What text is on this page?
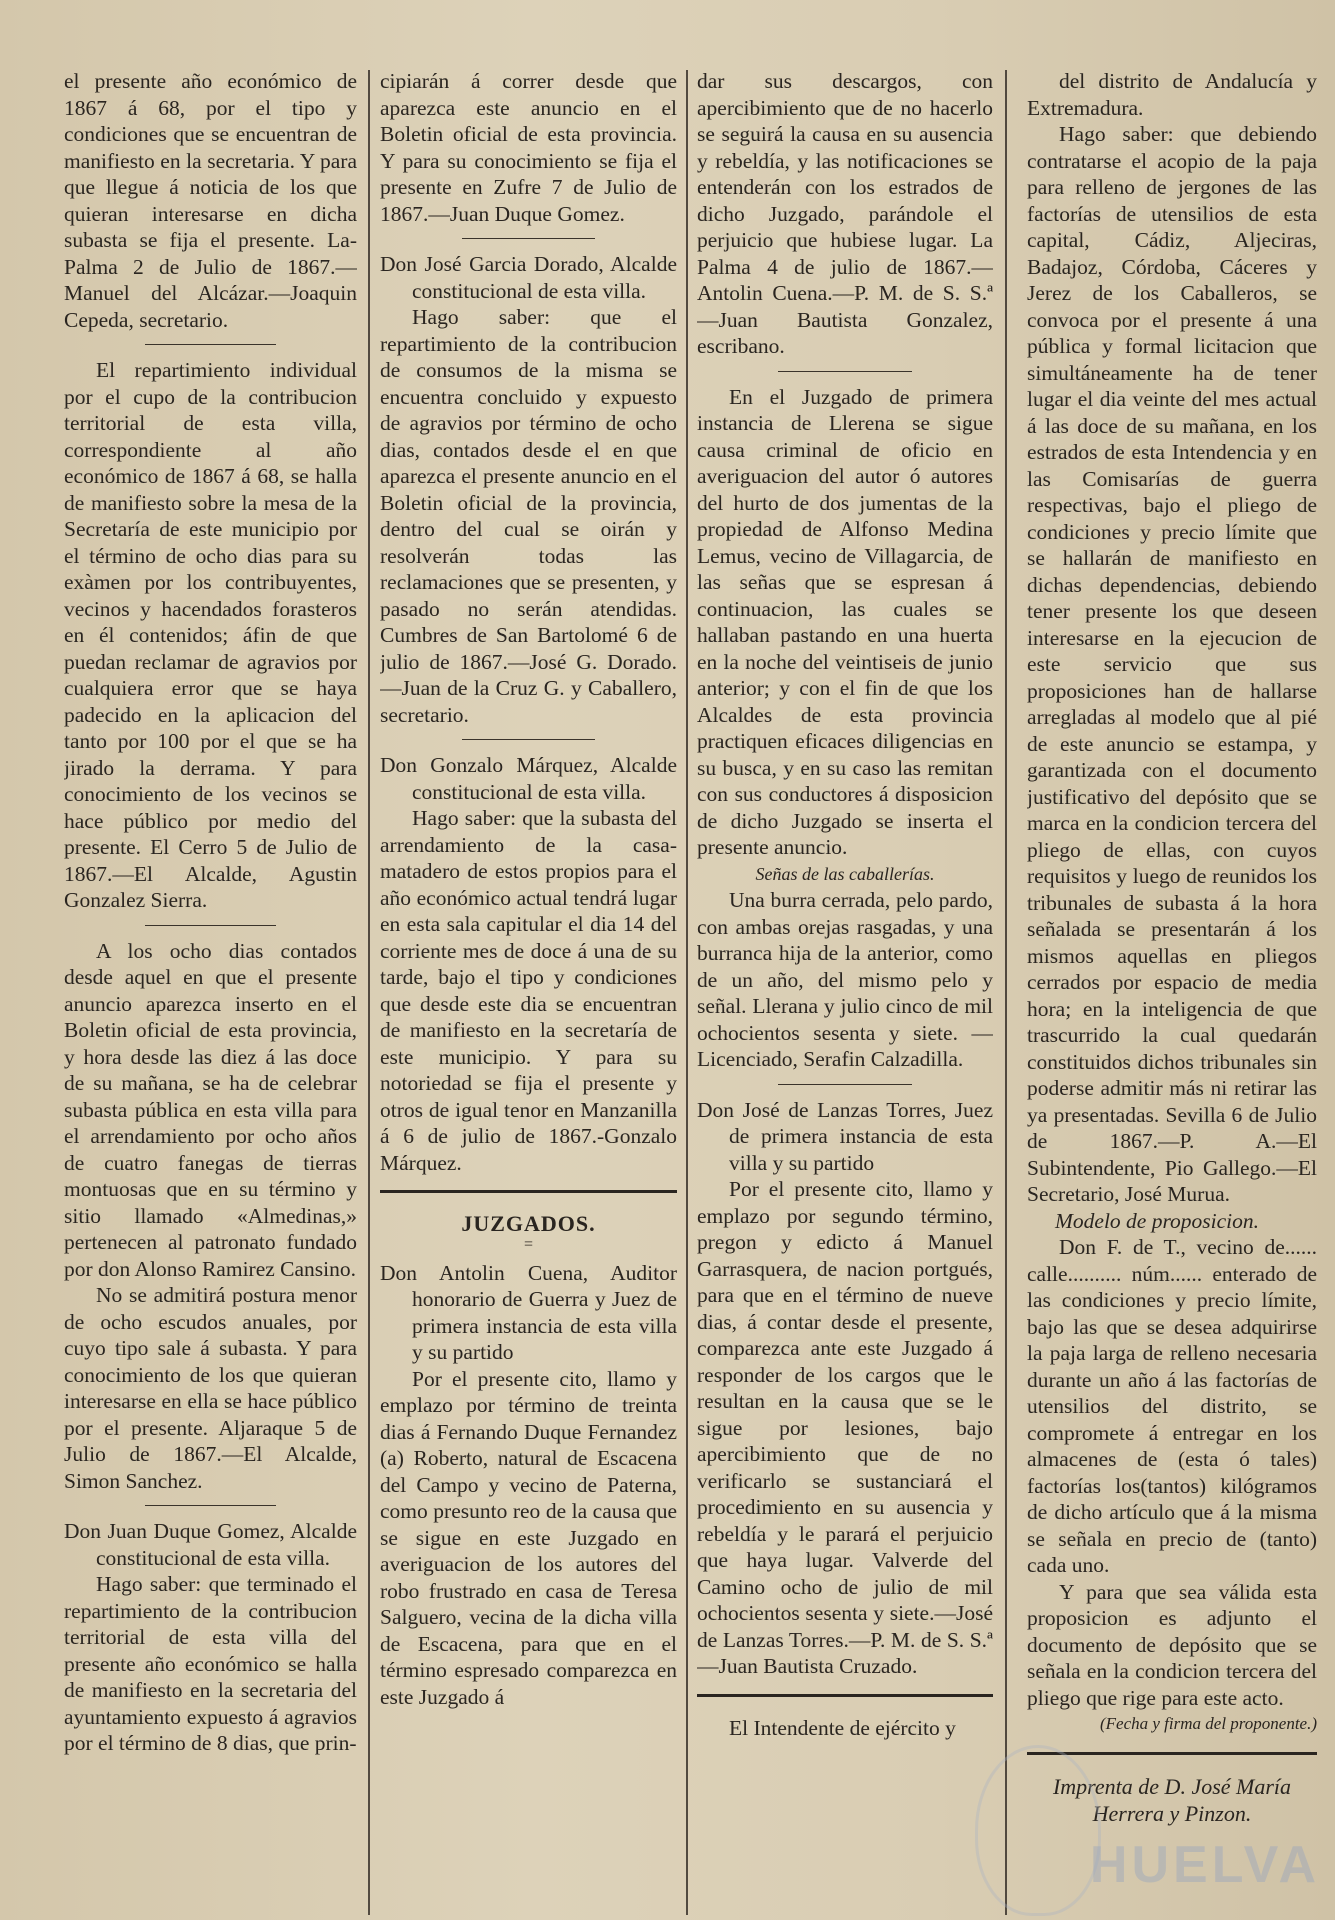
el presente año económico de 1867 á 68, por el tipo y condiciones que se encuentran de manifiesto en la secretaria. Y para que llegue á noticia de los que quieran interesarse en dicha subasta se fija el presente. La-Palma 2 de Julio de 1867.—Manuel del Alcázar.—Joaquin Cepeda, secretario.

El repartimiento individual por el cupo de la contribucion territorial de esta villa, correspondiente al año económico de 1867 á 68, se halla de manifiesto sobre la mesa de la Secretaría de este municipio por el término de ocho dias para su exàmen por los contribuyentes, vecinos y hacendados forasteros en él contenidos; áfin de que puedan reclamar de agravios por cualquiera error que se haya padecido en la aplicacion del tanto por 100 por el que se ha jirado la derrama. Y para conocimiento de los vecinos se hace público por medio del presente. El Cerro 5 de Julio de 1867.—El Alcalde, Agustin Gonzalez Sierra.

A los ocho dias contados desde aquel en que el presente anuncio aparezca inserto en el Boletin oficial de esta provincia, y hora desde las diez á las doce de su mañana, se ha de celebrar subasta pública en esta villa para el arrendamiento por ocho años de cuatro fanegas de tierras montuosas que en su término y sitio llamado «Almedinas,» pertenecen al patronato fundado por don Alonso Ramirez Cansino.

No se admitirá postura menor de ocho escudos anuales, por cuyo tipo sale á subasta. Y para conocimiento de los que quieran interesarse en ella se hace público por el presente. Aljaraque 5 de Julio de 1867.—El Alcalde, Simon Sanchez.

Don Juan Duque Gomez, Alcalde constitucional de esta villa.

Hago saber: que terminado el repartimiento de la contribucion territorial de esta villa del presente año económico se halla de manifiesto en la secretaria del ayuntamiento expuesto á agravios por el término de 8 dias, que prin-

cipiarán á correr desde que aparezca este anuncio en el Boletin oficial de esta provincia. Y para su conocimiento se fija el presente en Zufre 7 de Julio de 1867.—Juan Duque Gomez.

Don José Garcia Dorado, Alcalde constitucional de esta villa.

Hago saber: que el repartimiento de la contribucion de consumos de la misma se encuentra concluido y expuesto de agravios por término de ocho dias, contados desde el en que aparezca el presente anuncio en el Boletin oficial de la provincia, dentro del cual se oirán y resolverán todas las reclamaciones que se presenten, y pasado no serán atendidas. Cumbres de San Bartolomé 6 de julio de 1867.—José G. Dorado.—Juan de la Cruz G. y Caballero, secretario.

Don Gonzalo Márquez, Alcalde constitucional de esta villa.

Hago saber: que la subasta del arrendamiento de la casa-matadero de estos propios para el año económico actual tendrá lugar en esta sala capitular el dia 14 del corriente mes de doce á una de su tarde, bajo el tipo y condiciones que desde este dia se encuentran de manifiesto en la secretaría de este municipio. Y para su notoriedad se fija el presente y otros de igual tenor en Manzanilla á 6 de julio de 1867.-Gonzalo Márquez.

JUZGADOS.
=

Don Antolin Cuena, Auditor honorario de Guerra y Juez de primera instancia de esta villa y su partido

Por el presente cito, llamo y emplazo por término de treinta dias á Fernando Duque Fernandez (a) Roberto, natural de Escacena del Campo y vecino de Paterna, como presunto reo de la causa que se sigue en este Juzgado en averiguacion de los autores del robo frustrado en casa de Teresa Salguero, vecina de la dicha villa de Escacena, para que en el término espresado comparezca en este Juzgado á

dar sus descargos, con apercibimiento que de no hacerlo se seguirá la causa en su ausencia y rebeldía, y las notificaciones se entenderán con los estrados de dicho Juzgado, parándole el perjuicio que hubiese lugar. La Palma 4 de julio de 1867.—Antolin Cuena.—P. M. de S. S.ª—Juan Bautista Gonzalez, escribano.

En el Juzgado de primera instancia de Llerena se sigue causa criminal de oficio en averiguacion del autor ó autores del hurto de dos jumentas de la propiedad de Alfonso Medina Lemus, vecino de Villagarcia, de las señas que se espresan á continuacion, las cuales se hallaban pastando en una huerta en la noche del veintiseis de junio anterior; y con el fin de que los Alcaldes de esta provincia practiquen eficaces diligencias en su busca, y en su caso las remitan con sus conductores á disposicion de dicho Juzgado se inserta el presente anuncio.

Señas de las caballerías.

Una burra cerrada, pelo pardo, con ambas orejas rasgadas, y una burranca hija de la anterior, como de un año, del mismo pelo y señal. Llerana y julio cinco de mil ochocientos sesenta y siete. —Licenciado, Serafin Calzadilla.

Don José de Lanzas Torres, Juez de primera instancia de esta villa y su partido

Por el presente cito, llamo y emplazo por segundo término, pregon y edicto á Manuel Garrasquera, de nacion portgués, para que en el término de nueve dias, á contar desde el presente, comparezca ante este Juzgado á responder de los cargos que le resultan en la causa que se le sigue por lesiones, bajo apercibimiento que de no verificarlo se sustanciará el procedimiento en su ausencia y rebeldía y le parará el perjuicio que haya lugar. Valverde del Camino ocho de julio de mil ochocientos sesenta y siete.—José de Lanzas Torres.—P. M. de S. S.ª—Juan Bautista Cruzado.

El Intendente de ejército y

del distrito de Andalucía y Extremadura.

Hago saber: que debiendo contratarse el acopio de la paja para relleno de jergones de las factorías de utensilios de esta capital, Cádiz, Aljeciras, Badajoz, Córdoba, Cáceres y Jerez de los Caballeros, se convoca por el presente á una pública y formal licitacion que simultáneamente ha de tener lugar el dia veinte del mes actual á las doce de su mañana, en los estrados de esta Intendencia y en las Comisarías de guerra respectivas, bajo el pliego de condiciones y precio límite que se hallarán de manifiesto en dichas dependencias, debiendo tener presente los que deseen interesarse en la ejecucion de este servicio que sus proposiciones han de hallarse arregladas al modelo que al pié de este anuncio se estampa, y garantizada con el documento justificativo del depósito que se marca en la condicion tercera del pliego de ellas, con cuyos requisitos y luego de reunidos los tribunales de subasta á la hora señalada se presentarán á los mismos aquellas en pliegos cerrados por espacio de media hora; en la inteligencia de que trascurrido la cual quedarán constituidos dichos tribunales sin poderse admitir más ni retirar las ya presentadas. Sevilla 6 de Julio de 1867.—P. A.—El Subintendente, Pio Gallego.—El Secretario, José Murua.

Modelo de proposicion.

Don F. de T., vecino de...... calle.......... núm...... enterado de las condiciones y precio límite, bajo las que se desea adquirirse la paja larga de relleno necesaria durante un año á las factorías de utensilios del distrito, se compromete á entregar en los almacenes de (esta ó tales) factorías los(tantos) kilógramos de dicho artículo que á la misma se señala en precio de (tanto) cada uno.

Y para que sea válida esta proposicion es adjunto el documento de depósito que se señala en la condicion tercera del pliego que rige para este acto.

(Fecha y firma del proponente.)

Imprenta de D. José María Herrera y Pinzon.

HUELVA
